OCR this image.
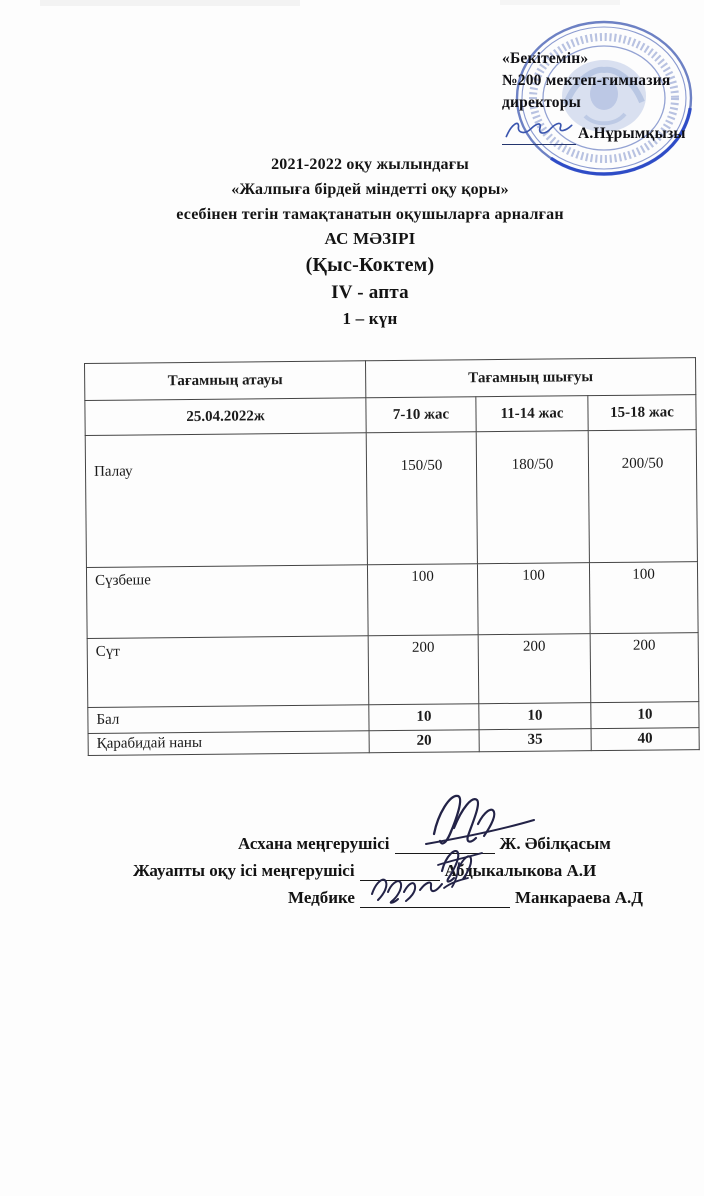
«Бекітемін»
№200 мектеп-гимназия
директоры
А.Нұрымқызы
2021-2022 оқу жылындағы
«Жалпыға бірдей міндетті оқу қоры»
есебінен тегін тамақтанатын оқушыларға арналған
АС МӘЗІРІ
(Қыс-Коктем)
IV - апта
1 – күн
Тағамның атауы	Тағамның шығуы		
25.04.2022ж	7-10 жас	11-14 жас	15-18 жас
Палау	150/50	180/50	200/50
Сүзбеше	100	100	100
Сүт	200	200	200
Бал	10	10	10
Қарабидай наны	20	35	40
Асхана меңгерушісі	Ж. Әбілқасым
Жауапты оқу ісі меңгерушісі	Абдыкалыкова А.И
Медбике	Манкараева А.Д
